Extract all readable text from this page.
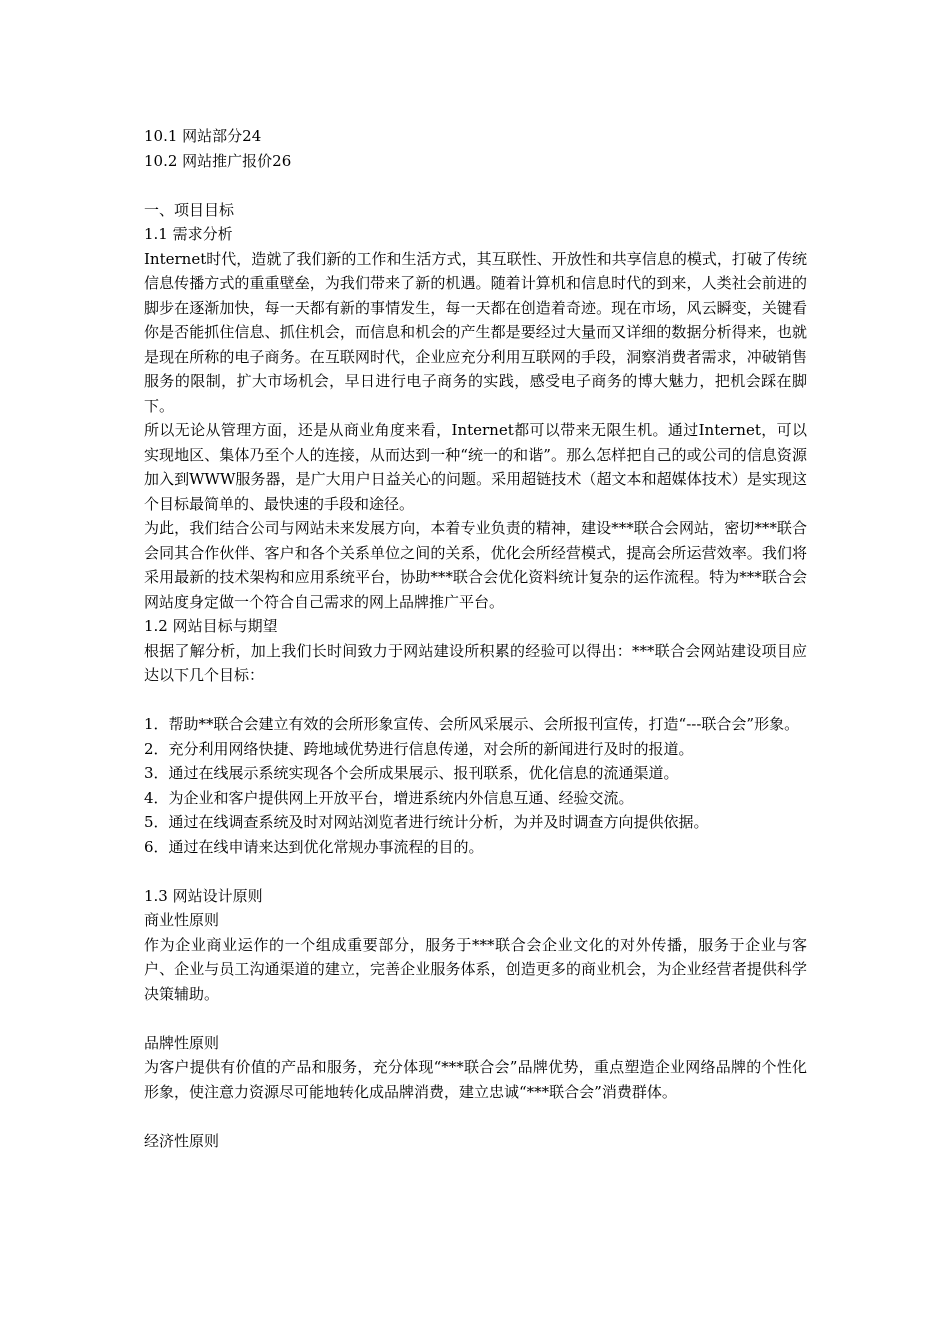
10.1 网站部分24
10.2 网站推广报价26
一、项目目标
1.1 需求分析

Internet时代，造就了我们新的工作和生活方式，其互联性、开放性和共享信息的模式，打破了传统信息传播方式的重重壁垒，为我们带来了新的机遇。随着计算机和信息时代的到来，人类社会前进的脚步在逐渐加快，每一天都有新的事情发生，每一天都在创造着奇迹。现在市场，风云瞬变，关键看你是否能抓住信息、抓住机会，而信息和机会的产生都是要经过大量而又详细的数据分析得来，也就是现在所称的电子商务。在互联网时代，企业应充分利用互联网的手段，洞察消费者需求，冲破销售服务的限制，扩大市场机会，早日进行电子商务的实践，感受电子商务的博大魅力，把机会踩在脚下。

所以无论从管理方面，还是从商业角度来看，Internet都可以带来无限生机。通过Internet，可以实现地区、集体乃至个人的连接，从而达到一种“统一的和谐”。那么怎样把自己的或公司的信息资源加入到WWW服务器，是广大用户日益关心的问题。采用超链技术（超文本和超媒体技术）是实现这个目标最简单的、最快速的手段和途径。

为此，我们结合公司与网站未来发展方向，本着专业负责的精神，建设***联合会网站，密切***联合会同其合作伙伴、客户和各个关系单位之间的关系，优化会所经营模式，提高会所运营效率。我们将采用最新的技术架构和应用系统平台，协助***联合会优化资料统计复杂的运作流程。特为***联合会网站度身定做一个符合自己需求的网上品牌推广平台。

1.2 网站目标与期望

根据了解分析，加上我们长时间致力于网站建设所积累的经验可以得出：***联合会网站建设项目应达以下几个目标：

1．帮助**联合会建立有效的会所形象宣传、会所风采展示、会所报刊宣传，打造“---联合会”形象。

2．充分利用网络快捷、跨地域优势进行信息传递，对会所的新闻进行及时的报道。

3．通过在线展示系统实现各个会所成果展示、报刊联系，优化信息的流通渠道。

4．为企业和客户提供网上开放平台，增进系统内外信息互通、经验交流。

5．通过在线调查系统及时对网站浏览者进行统计分析，为并及时调查方向提供依据。

6．通过在线申请来达到优化常规办事流程的目的。

1.3 网站设计原则
商业性原则

作为企业商业运作的一个组成重要部分，服务于***联合会企业文化的对外传播，服务于企业与客户、企业与员工沟通渠道的建立，完善企业服务体系，创造更多的商业机会，为企业经营者提供科学决策辅助。

品牌性原则

为客户提供有价值的产品和服务，充分体现“***联合会”品牌优势，重点塑造企业网络品牌的个性化形象，使注意力资源尽可能地转化成品牌消费，建立忠诚“***联合会”消费群体。

经济性原则
